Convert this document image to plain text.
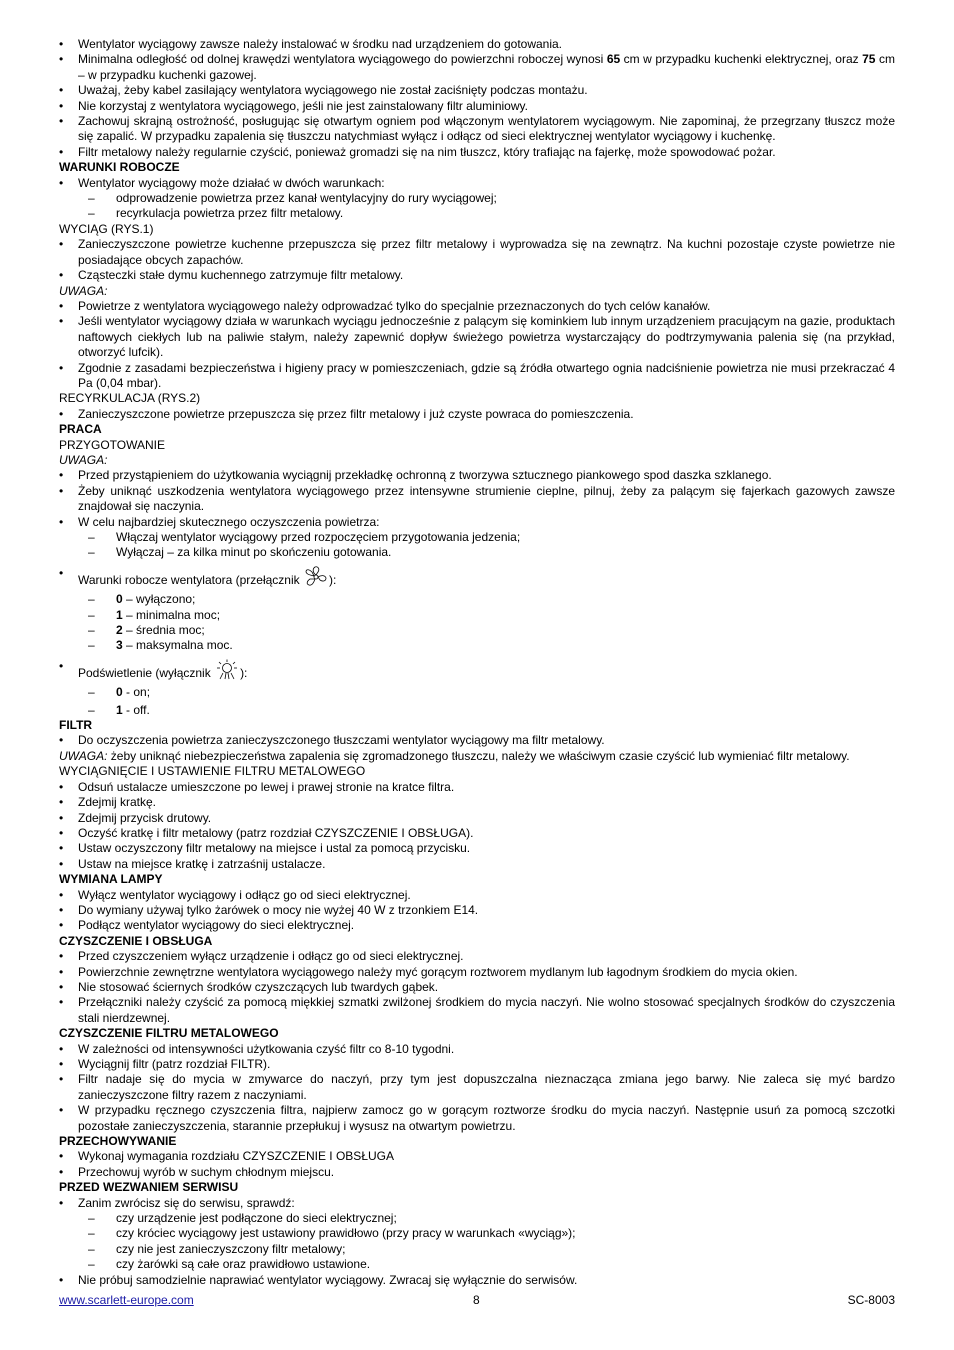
• Wentylator wyciągowy zawsze należy instalować w środku nad urządzeniem do gotowania.
• Minimalna odległość od dolnej krawędzi wentylatora wyciągowego do powierzchni roboczej wynosi 65 cm w przypadku kuchenki elektrycznej, oraz 75 cm – w przypadku kuchenki gazowej.
• Uważaj, żeby kabel zasilający wentylatora wyciągowego nie został zaciśnięty podczas montażu.
• Nie korzystaj z wentylatora wyciągowego, jeśli nie jest zainstalowany filtr aluminiowy.
• Zachowuj skrajną ostrożność, posługując się otwartym ogniem pod włączonym wentylatorem wyciągowym. Nie zapominaj, że przegrzany tłuszcz może się zapalić. W przypadku zapalenia się tłuszczu natychmiast wyłącz i odłącz od sieci elektrycznej wentylator wyciągowy i kuchenkę.
• Filtr metalowy należy regularnie czyścić, ponieważ gromadzi się na nim tłuszcz, który trafiając na fajerkę, może spowodować pożar.
WARUNKI ROBOCZE
• Wentylator wyciągowy może działać w dwóch warunkach:
– odprowadzenie powietrza przez kanał wentylacyjny do rury wyciągowej;
– recyrkulacja powietrza przez filtr metalowy.
WYCIĄG (RYS.1)
• Zanieczyszczone powietrze kuchenne przepuszcza się przez filtr metalowy i wyprowadza się na zewnątrz. Na kuchni pozostaje czyste powietrze nie posiadające obcych zapachów.
• Cząsteczki stałe dymu kuchennego zatrzymuje filtr metalowy.
UWAGA:
• Powietrze z wentylatora wyciągowego należy odprowadzać tylko do specjalnie przeznaczonych do tych celów kanałów.
• Jeśli wentylator wyciągowy działa w warunkach wyciągu jednocześnie z palącym się kominkiem lub innym urządzeniem pracującym na gazie, produktach naftowych ciekłych lub na paliwie stałym, należy zapewnić dopływ świeżego powietrza wystarczający do podtrzymywania palenia się (na przykład, otworzyć lufcik).
• Zgodnie z zasadami bezpieczeństwa i higieny pracy w pomieszczeniach, gdzie są źródła otwartego ognia nadciśnienie powietrza nie musi przekraczać 4 Pa (0,04 mbar).
RECYRKULACJA (RYS.2)
• Zanieczyszczone powietrze przepuszcza się przez filtr metalowy i już czyste powraca do pomieszczenia.
PRACA
PRZYGOTOWANIE
UWAGA:
• Przed przystąpieniem do użytkowania wyciągnij przekładkę ochronną z tworzywa sztucznego piankowego spod daszka szklanego.
• Żeby uniknąć uszkodzenia wentylatora wyciągowego przez intensywne strumienie cieplne, pilnuj, żeby za palącym się fajerkach gazowych zawsze znajdował się naczynia.
• W celu najbardziej skutecznego oczyszczenia powietrza:
– Włączaj wentylator wyciągowy przed rozpoczęciem przygotowania jedzenia;
– Wyłączaj – za kilka minut po skończeniu gotowania.
• Warunki robocze wentylatora (przełącznik ):
– 0 – wyłączono;
– 1 – minimalna moc;
– 2 – średnia moc;
– 3 – maksymalna moc.
• Podświetlenie (wyłącznik ):
– 0 - on;
– 1 - off.
FILTR
• Do oczyszczenia powietrza zanieczyszczonego tłuszczami wentylator wyciągowy ma filtr metalowy.
UWAGA: żeby uniknąć niebezpieczeństwa zapalenia się zgromadzonego tłuszczu, należy we właściwym czasie czyścić lub wymieniać filtr metalowy.
WYCIĄGNIĘCIE I USTAWIENIE FILTRU METALOWEGO
• Odsuń ustalacze umieszczone po lewej i prawej stronie na kratce filtra.
• Zdejmij kratkę.
• Zdejmij przycisk drutowy.
• Oczyść kratkę i filtr metalowy (patrz rozdział CZYSZCZENIE I OBSŁUGA).
• Ustaw oczyszczony filtr metalowy na miejsce i ustal za pomocą przycisku.
• Ustaw na miejsce kratkę i zatrzaśnij ustalacze.
WYMIANA LAMPY
• Wyłącz wentylator wyciągowy i odłącz go od sieci elektrycznej.
• Do wymiany używaj tylko żarówek o mocy nie wyżej 40 W z trzonkiem E14.
• Podłącz wentylator wyciągowy do sieci elektrycznej.
CZYSZCZENIE I OBSŁUGA
• Przed czyszczeniem wyłącz urządzenie i odłącz go od sieci elektrycznej.
• Powierzchnie zewnętrzne wentylatora wyciągowego należy myć gorącym roztworem mydlanym lub łagodnym środkiem do mycia okien.
• Nie stosować ściernych środków czyszczących lub twardych gąbek.
• Przełączniki należy czyścić za pomocą miękkiej szmatki zwilżonej środkiem do mycia naczyń. Nie wolno stosować specjalnych środków do czyszczenia stali nierdzewnej.
CZYSZCZENIE FILTRU METALOWEGO
• W zależności od intensywności użytkowania czyść filtr co 8-10 tygodni.
• Wyciągnij filtr (patrz rozdział FILTR).
• Filtr nadaje się do mycia w zmywarce do naczyń, przy tym jest dopuszczalna nieznacząca zmiana jego barwy. Nie zaleca się myć bardzo zanieczyszczone filtry razem z naczyniami.
• W przypadku ręcznego czyszczenia filtra, najpierw zamocz go w gorącym roztworze środku do mycia naczyń. Następnie usuń za pomocą szczotki pozostałe zanieczyszczenia, starannie przepłukuj i wysusz na otwartym powietrzu.
PRZECHOWYWANIE
• Wykonaj wymagania rozdziału CZYSZCZENIE I OBSŁUGA
• Przechowuj wyrób w suchym chłodnym miejscu.
PRZED WEZWANIEM SERWISU
• Zanim zwrócisz się do serwisu, sprawdź:
– czy urządzenie jest podłączone do sieci elektrycznej;
– czy króciec wyciągowy jest ustawiony prawidłowo (przy pracy w warunkach «wyciąg»);
– czy nie jest zanieczyszczony filtr metalowy;
– czy żarówki są całe oraz prawidłowo ustawione.
• Nie próbuj samodzielnie naprawiać wentylator wyciągowy. Zwracaj się wyłącznie do serwisów.
www.scarlett-europe.com	8	SC-8003
